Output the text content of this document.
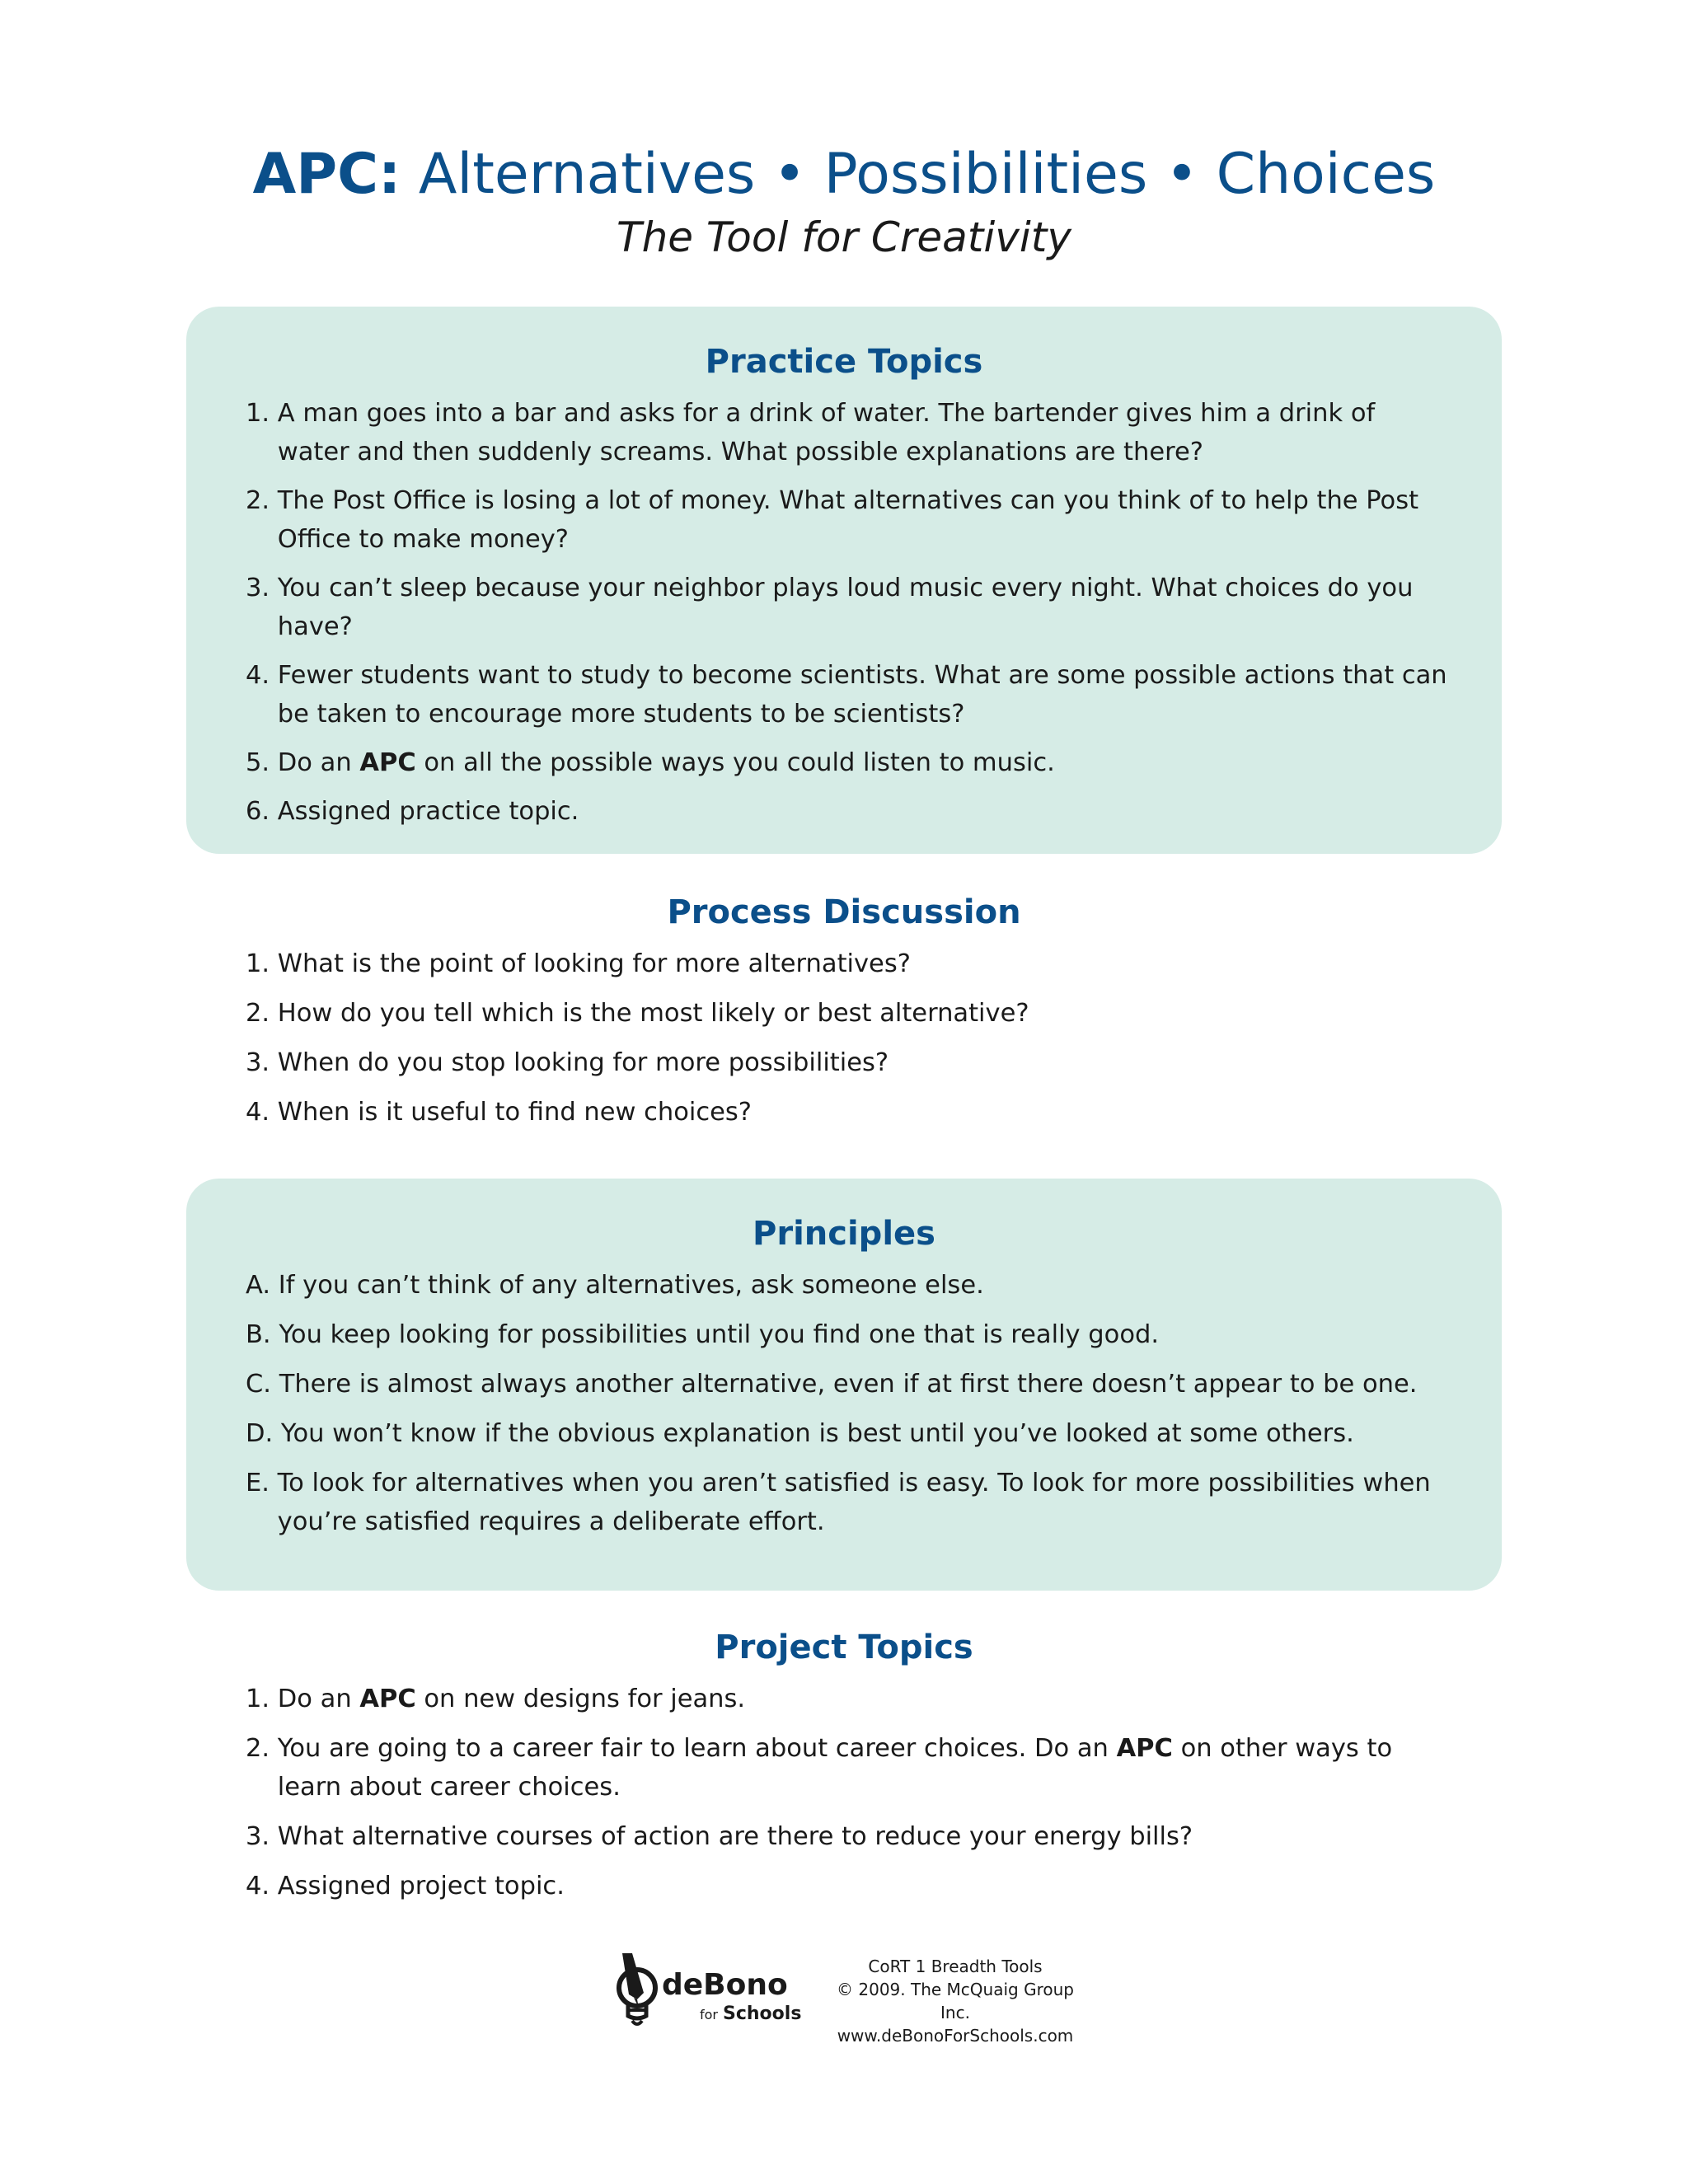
APC: Alternatives • Possibilities • Choices
The Tool for Creativity
Practice Topics
1. A man goes into a bar and asks for a drink of water. The bartender gives him a drink of water and then suddenly screams. What possible explanations are there?
2. The Post Office is losing a lot of money. What alternatives can you think of to help the Post Office to make money?
3. You can’t sleep because your neighbor plays loud music every night. What choices do you have?
4. Fewer students want to study to become scientists. What are some possible actions that can be taken to encourage more students to be scientists?
5. Do an APC on all the possible ways you could listen to music.
6. Assigned practice topic.
Process Discussion
1. What is the point of looking for more alternatives?
2. How do you tell which is the most likely or best alternative?
3. When do you stop looking for more possibilities?
4. When is it useful to find new choices?
Principles
A. If you can’t think of any alternatives, ask someone else.
B. You keep looking for possibilities until you find one that is really good.
C. There is almost always another alternative, even if at first there doesn’t appear to be one.
D. You won’t know if the obvious explanation is best until you’ve looked at some others.
E. To look for alternatives when you aren’t satisfied is easy. To look for more possibilities when you’re satisfied requires a deliberate effort.
Project Topics
1. Do an APC on new designs for jeans.
2. You are going to a career fair to learn about career choices. Do an APC on other ways to learn about career choices.
3. What alternative courses of action are there to reduce your energy bills?
4. Assigned project topic.
deBono
for Schools
CoRT 1 Breadth Tools
© 2009. The McQuaig Group Inc.
www.deBonoForSchools.com
